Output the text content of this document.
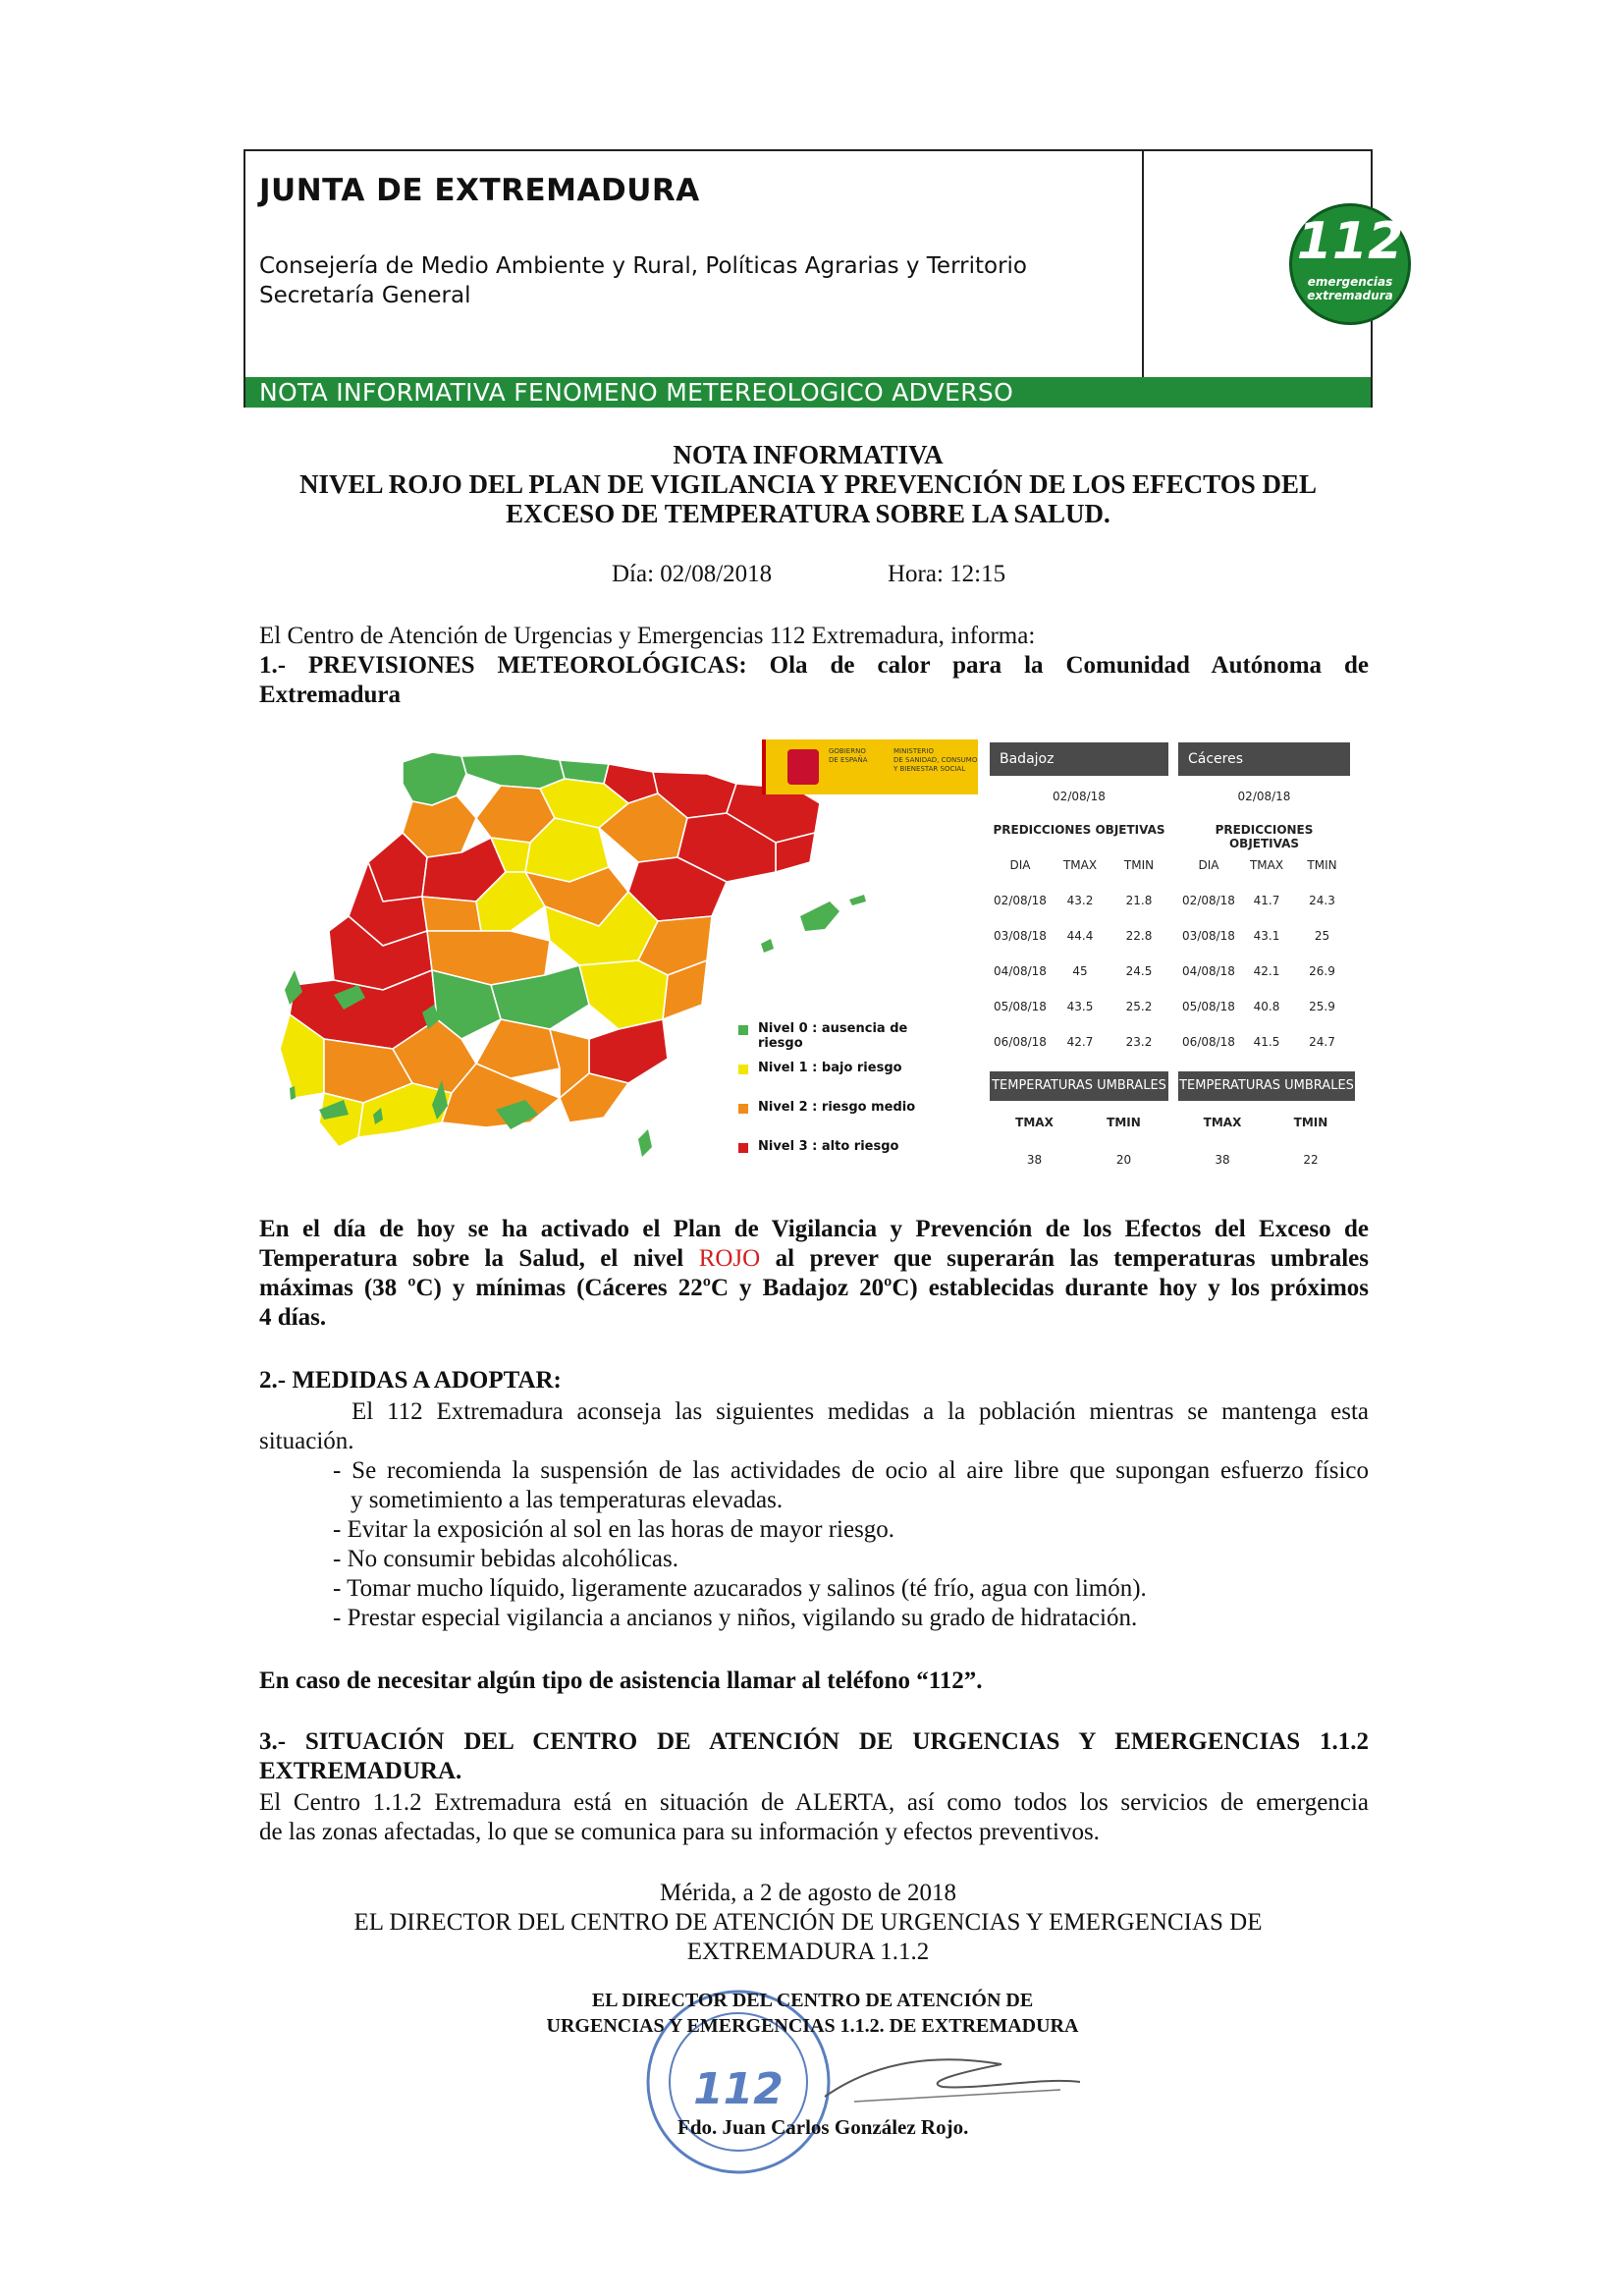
JUNTA DE EXTREMADURA
Consejería de Medio Ambiente y Rural, Políticas Agrarias y Territorio
Secretaría General
112
emergencias
extremadura
NOTA INFORMATIVA FENOMENO METEREOLOGICO ADVERSO
NOTA INFORMATIVA
NIVEL ROJO DEL PLAN DE VIGILANCIA Y PREVENCIÓN DE LOS EFECTOS DEL
EXCESO DE TEMPERATURA SOBRE LA SALUD.
Día: 02/08/2018	Hora: 12:15
El Centro de Atención de Urgencias y Emergencias 112 Extremadura, informa:
1.- PREVISIONES METEOROLÓGICAS: Ola de calor para la Comunidad Autónoma de
Extremadura
GOBIERNO
DE ESPAÑA
MINISTERIO
DE SANIDAD, CONSUMO
Y BIENESTAR SOCIAL
Nivel 0 : ausencia de riesgo
Nivel 1 : bajo riesgo
Nivel 2 : riesgo medio
Nivel 3 : alto riesgo
Badajoz
02/08/18
PREDICCIONES OBJETIVAS
DIA	TMAX	TMIN
02/08/18	43.2	21.8
03/08/18	44.4	22.8
04/08/18	45	24.5
05/08/18	43.5	25.2
06/08/18	42.7	23.2
TEMPERATURAS UMBRALES
TMAX	TMIN
38	20
Cáceres
02/08/18
PREDICCIONES OBJETIVAS
DIA	TMAX	TMIN
02/08/18	41.7	24.3
03/08/18	43.1	25
04/08/18	42.1	26.9
05/08/18	40.8	25.9
06/08/18	41.5	24.7
TEMPERATURAS UMBRALES
TMAX	TMIN
38	22
En el día de hoy se ha activado el Plan de Vigilancia y Prevención de los Efectos del Exceso de
Temperatura sobre la Salud, el nivel ROJO al prever que superarán las temperaturas umbrales
máximas (38 ºC) y mínimas (Cáceres 22ºC y Badajoz 20ºC) establecidas durante hoy y los próximos
4 días.
2.- MEDIDAS A ADOPTAR:
El 112 Extremadura aconseja las siguientes medidas a la población mientras se mantenga esta
situación.
- Se recomienda la suspensión de las actividades de ocio al aire libre que supongan esfuerzo físico
y sometimiento a las temperaturas elevadas.
- Evitar la exposición al sol en las horas de mayor riesgo.
- No consumir bebidas alcohólicas.
- Tomar mucho líquido, ligeramente azucarados y salinos (té frío, agua con limón).
- Prestar especial vigilancia a ancianos y niños, vigilando su grado de hidratación.
En caso de necesitar algún tipo de asistencia llamar al teléfono “112”.
3.- SITUACIÓN DEL CENTRO DE ATENCIÓN DE URGENCIAS Y EMERGENCIAS 1.1.2
EXTREMADURA.
El Centro 1.1.2 Extremadura está en situación de ALERTA, así como todos los servicios de emergencia
de las zonas afectadas, lo que se comunica para su información y efectos preventivos.
Mérida, a 2 de agosto de 2018
EL DIRECTOR DEL CENTRO DE ATENCIÓN DE URGENCIAS Y EMERGENCIAS DE
EXTREMADURA 1.1.2
112
EL DIRECTOR DEL CENTRO DE ATENCIÓN DE
URGENCIAS Y EMERGENCIAS 1.1.2. DE EXTREMADURA
Fdo. Juan Carlos González Rojo.
